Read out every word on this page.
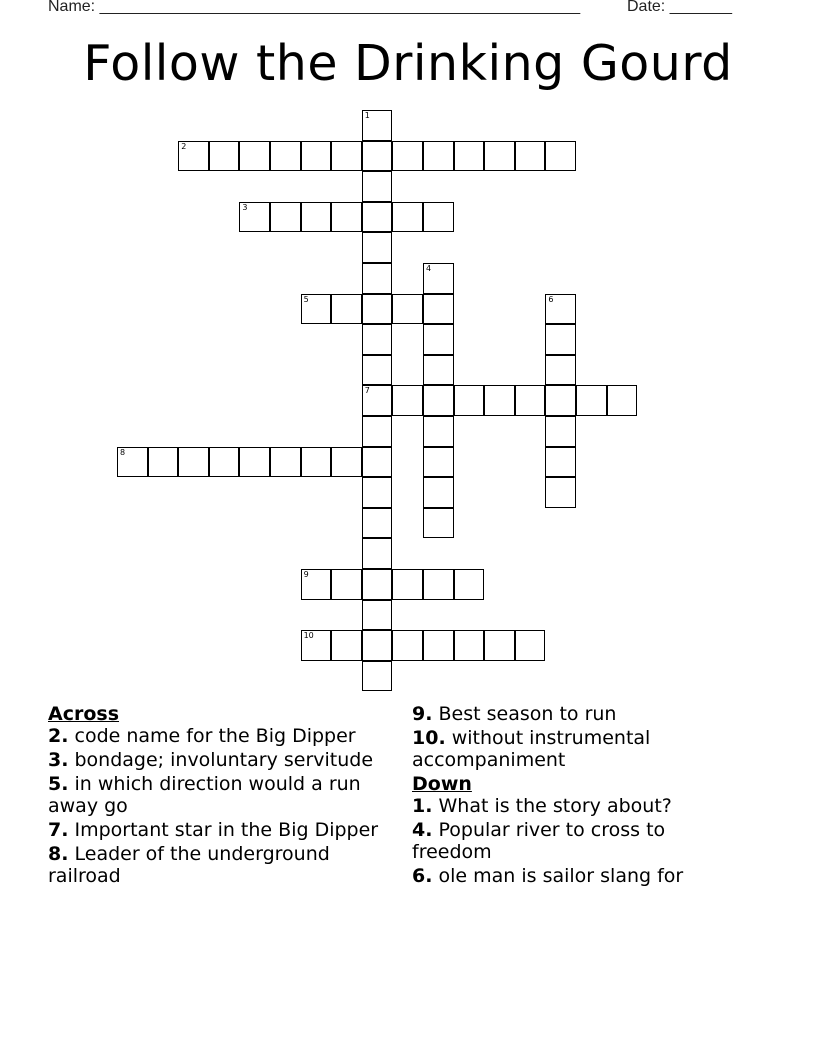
Name: ______________________________________________________	Date: _______
Follow the Drinking Gourd
2
3
5
7
8
9
10
1
4
6
Across
2. code name for the Big Dipper
3. bondage; involuntary servitude
5. in which direction would a run away go
7. Important star in the Big Dipper
8. Leader of the underground railroad
9. Best season to run
10. without instrumental accompaniment
Down
1. What is the story about?
4. Popular river to cross to freedom
6. ole man is sailor slang for
